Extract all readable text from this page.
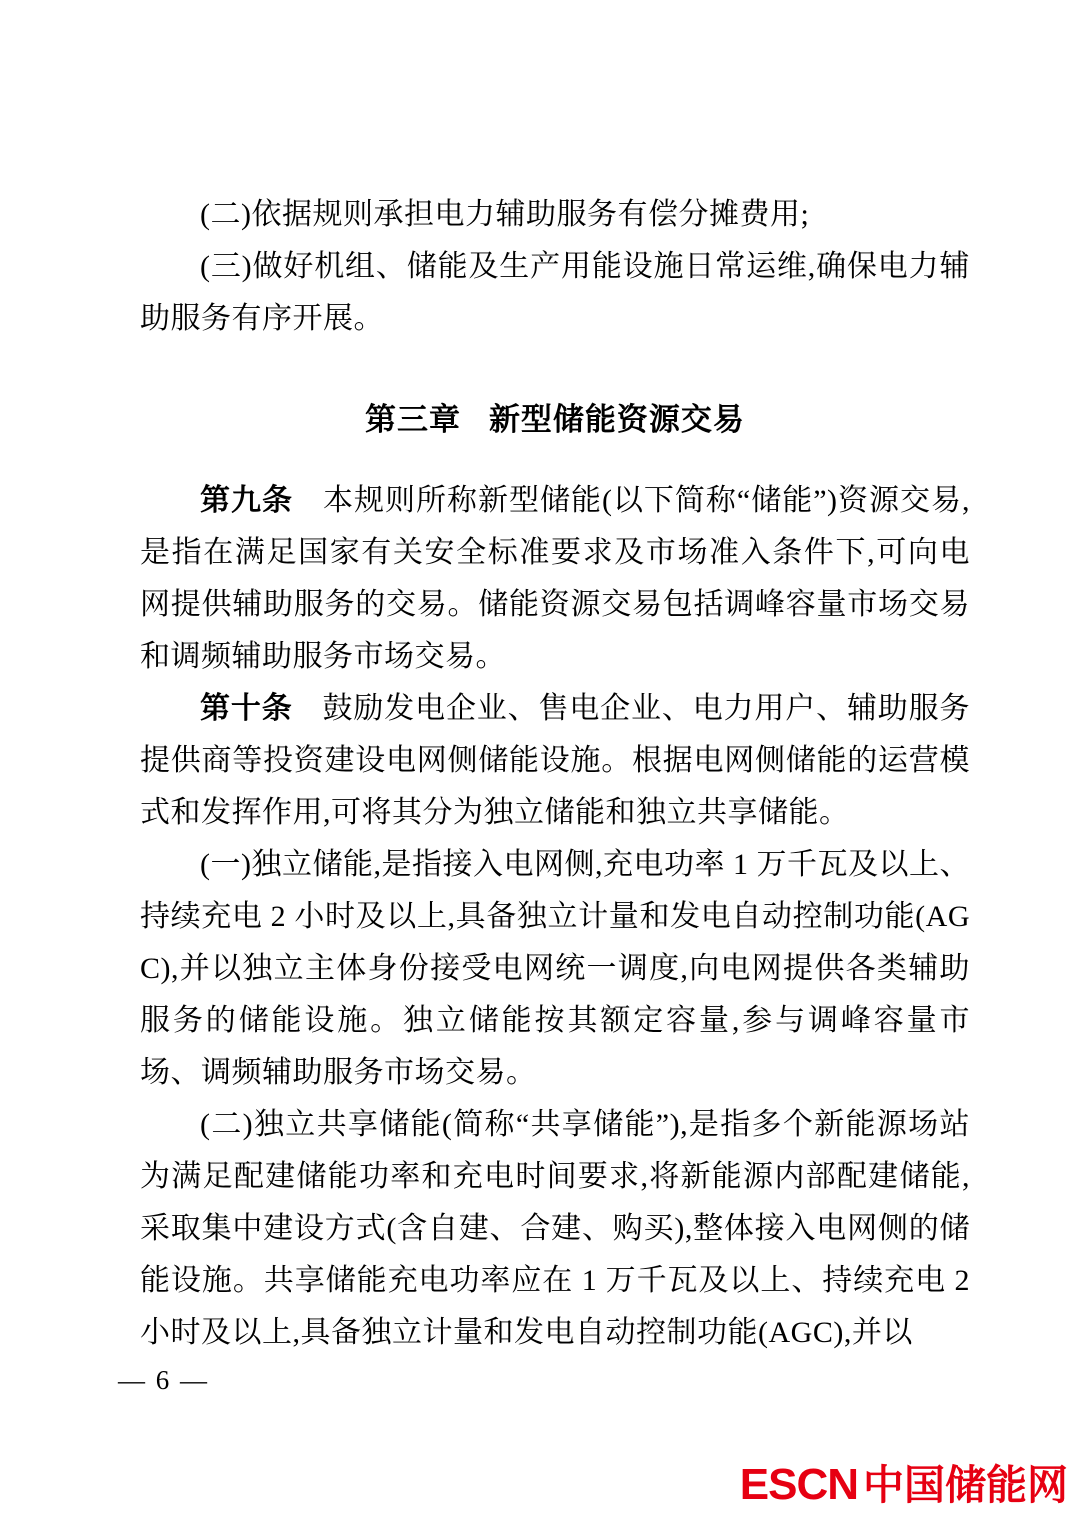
(二)依据规则承担电力辅助服务有偿分摊费用;

(三)做好机组、储能及生产用能设施日常运维,确保电力辅助服务有序开展。

第三章 新型储能资源交易

第九条 本规则所称新型储能(以下简称“储能”)资源交易,是指在满足国家有关安全标准要求及市场准入条件下,可向电网提供辅助服务的交易。储能资源交易包括调峰容量市场交易和调频辅助服务市场交易。

第十条 鼓励发电企业、售电企业、电力用户、辅助服务提供商等投资建设电网侧储能设施。根据电网侧储能的运营模式和发挥作用,可将其分为独立储能和独立共享储能。

(一)独立储能,是指接入电网侧,充电功率 1 万千瓦及以上、持续充电 2 小时及以上,具备独立计量和发电自动控制功能(AGC),并以独立主体身份接受电网统一调度,向电网提供各类辅助服务的储能设施。独立储能按其额定容量,参与调峰容量市场、调频辅助服务市场交易。

(二)独立共享储能(简称“共享储能”),是指多个新能源场站为满足配建储能功率和充电时间要求,将新能源内部配建储能,采取集中建设方式(含自建、合建、购买),整体接入电网侧的储能设施。共享储能充电功率应在 1 万千瓦及以上、持续充电 2 小时及以上,具备独立计量和发电自动控制功能(AGC),并以

— 6 —
ESCN 中国储能网
